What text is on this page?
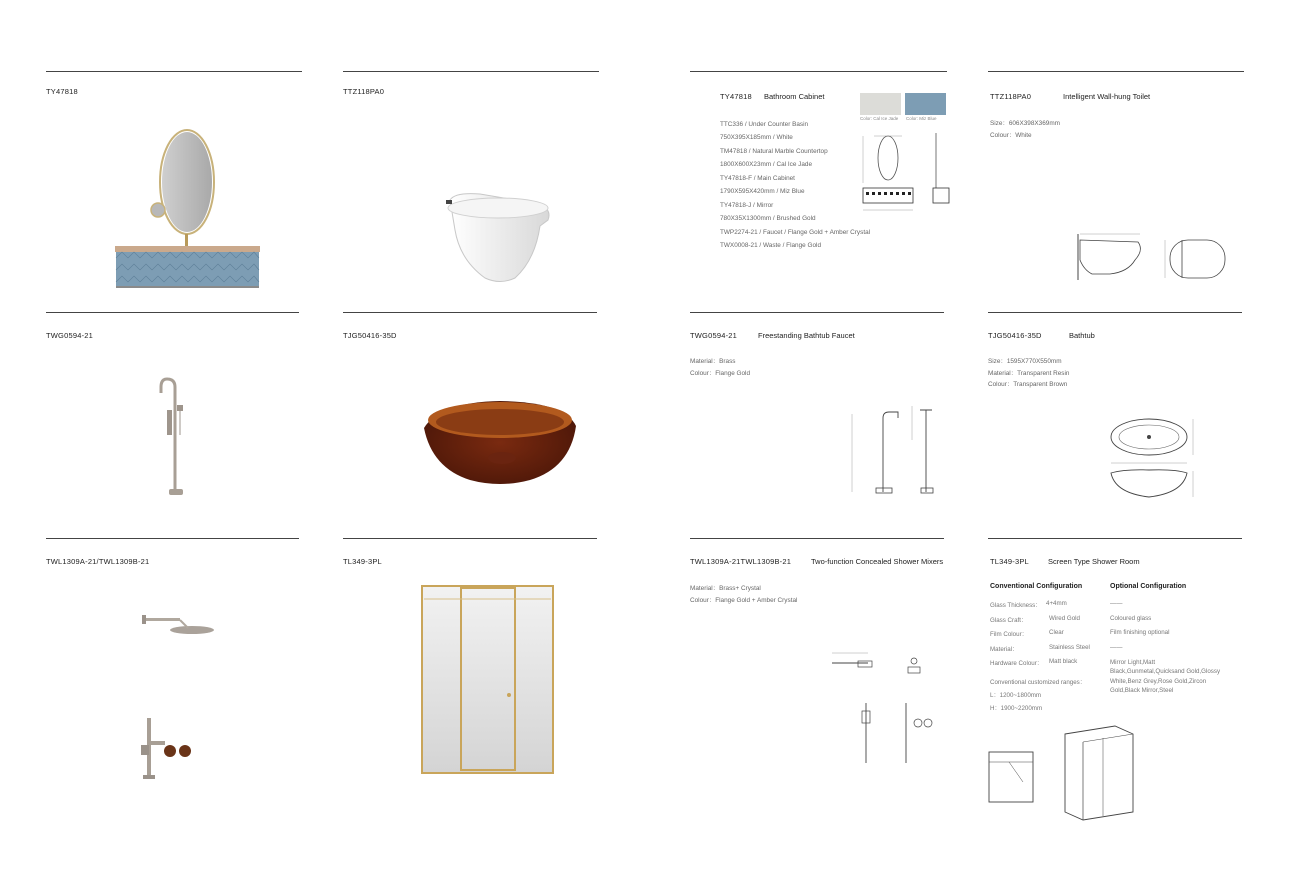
TY47818	TTZ118PA0
TWG0594-21	TJG50416-35D
TWL1309A-21/TWL1309B-21	TL349-3PL
TY47818 Bathroom Cabinet
Color: Cal Ice Jade Color: Miz Blue
TTC336 / Under Counter Basin
750X395X185mm / White
TM47818 / Natural Marble Countertop
1800X600X23mm / Cal Ice Jade
TY47818-F / Main Cabinet
1790X595X420mm / Miz Blue
TY47818-J / Mirror
780X35X1300mm / Brushed Gold
TWP2274-21 / Faucet / Flange Gold + Amber Crystal
TWX0008-21 / Waste / Flange Gold
TTZ118PA0	Intelligent Wall-hung Toilet
Size：606X398X369mm
Colour：White
TWG0594-21	Freestanding Bathtub Faucet
Material：Brass
Colour：Flange Gold
TJG50416-35D	Bathtub
Size：1595X770X550mm
Material：Transparent Resin
Colour：Transparent Brown
TWL1309A-21TWL1309B-21	Two-function Concealed Shower Mixers
Material：Brass+ Crystal
Colour：Flange Gold + Amber Crystal
TL349-3PL	Screen Type Shower Room
Conventional Configuration	Optional Configuration
Glass Thickness： 4+4mm	——
Glass Craft：	Wired Gold	Coloured glass
Film Colour：	Clear	Film finishing optional
Material：	Stainless Steel	——
Hardware Colour： Matt black	Mirror Light,Matt Black,Gunmetal,Quicksand Gold,Glossy White,Benz Grey,Rose Gold,Zircon Gold,Black Mirror,Steel
Conventional customized ranges：
L：1200~1800mm
H：1900~2200mm
